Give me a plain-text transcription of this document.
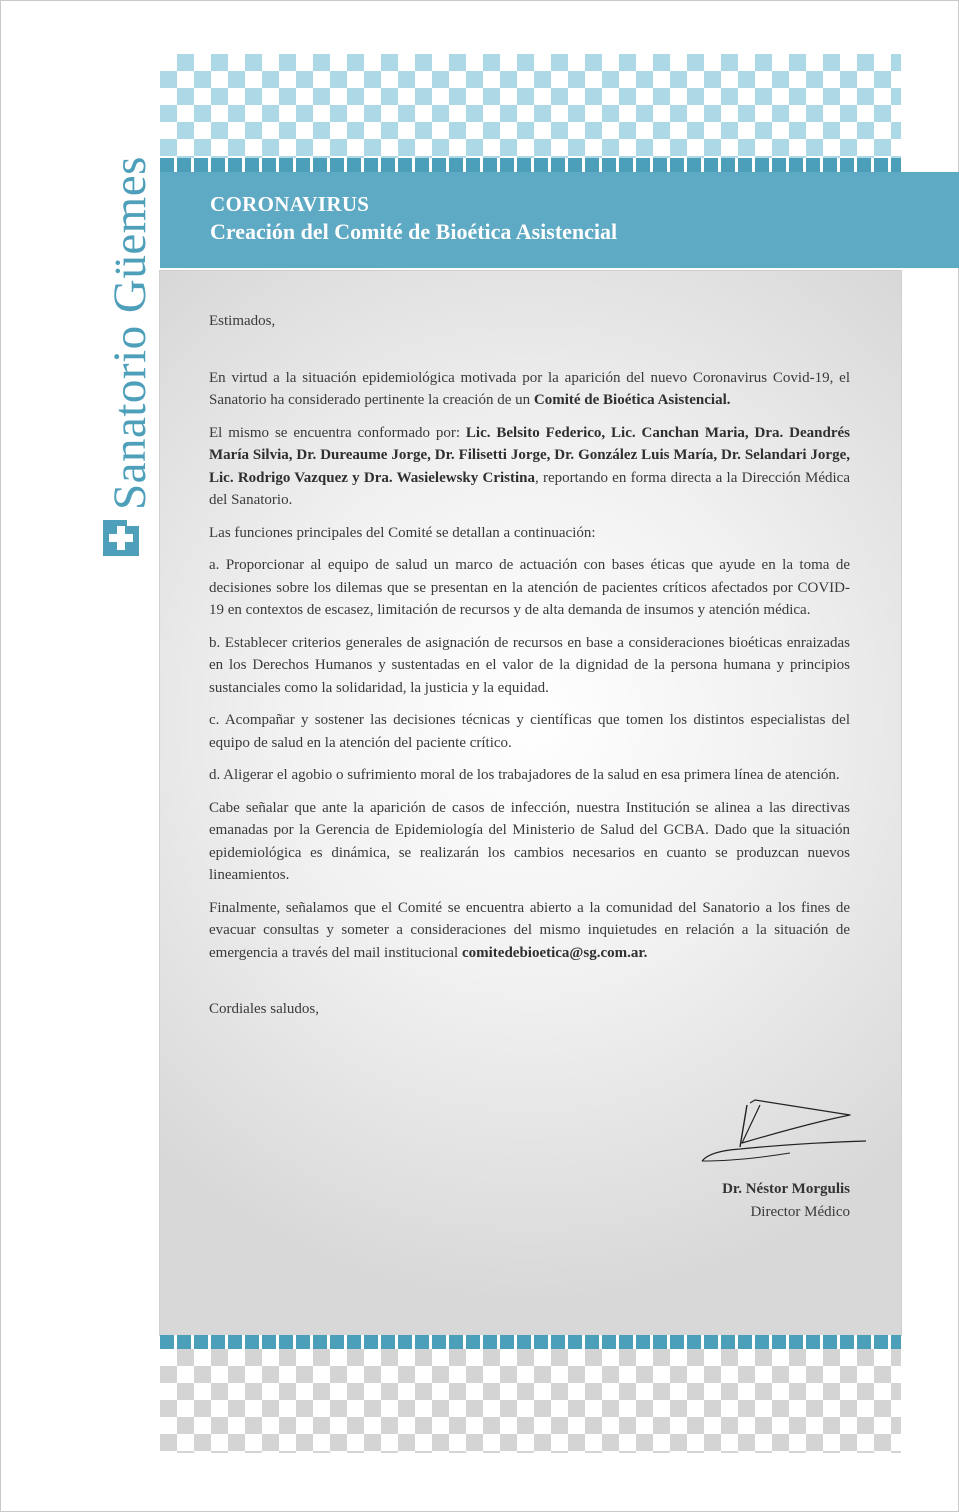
CORONAVIRUS
Creación del Comité de Bioética Asistencial
Sanatorio Güemes	Estimados,

En virtud a la situación epidemiológica motivada por la aparición del nuevo Coronavirus Covid-19, el Sanatorio ha considerado pertinente la creación de un Comité de Bioética Asistencial.

El mismo se encuentra conformado por: Lic. Belsito Federico, Lic. Canchan Maria, Dra. Deandrés María Silvia, Dr. Dureaume Jorge, Dr. Filisetti Jorge, Dr. González Luis María, Dr. Selandari Jorge, Lic. Rodrigo Vazquez y Dra. Wasielewsky Cristina, reportando en forma directa a la Dirección Médica del Sanatorio.

Las funciones principales del Comité se detallan a continuación:

a. Proporcionar al equipo de salud un marco de actuación con bases éticas que ayude en la toma de decisiones sobre los dilemas que se presentan en la atención de pacientes críticos afectados por COVID-19 en contextos de escasez, limitación de recursos y de alta demanda de insumos y atención médica.

b. Establecer criterios generales de asignación de recursos en base a consideraciones bioéticas enraizadas en los Derechos Humanos y sustentadas en el valor de la dignidad de la persona humana y principios sustanciales como la solidaridad, la justicia y la equidad.

c. Acompañar y sostener las decisiones técnicas y científicas que tomen los distintos especialistas del equipo de salud en la atención del paciente crítico.

d. Aligerar el agobio o sufrimiento moral de los trabajadores de la salud en esa primera línea de atención.

Cabe señalar que ante la aparición de casos de infección, nuestra Institución se alinea a las directivas emanadas por la Gerencia de Epidemiología del Ministerio de Salud del GCBA. Dado que la situación epidemiológica es dinámica, se realizarán los cambios necesarios en cuanto se produzcan nuevos lineamientos.

Finalmente, señalamos que el Comité se encuentra abierto a la comunidad del Sanatorio a los fines de evacuar consultas y someter a consideraciones del mismo inquietudes en relación a la situación de emergencia a través del mail institucional comitedebioetica@sg.com.ar.

Cordiales saludos,

Dr. Néstor Morgulis

Director Médico
